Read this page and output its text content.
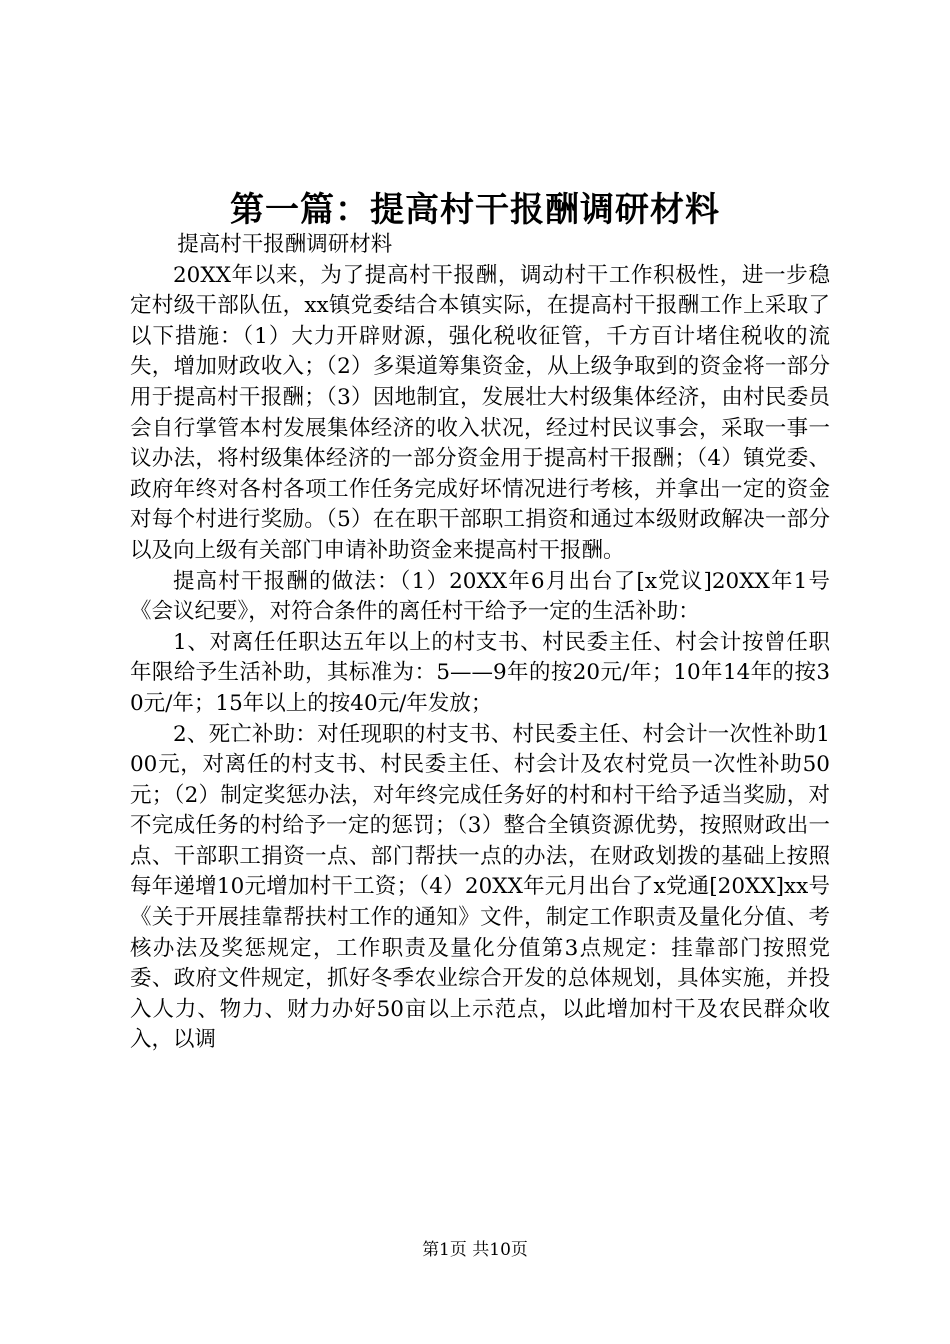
第一篇：提高村干报酬调研材料

提高村干报酬调研材料

20XX年以来，为了提高村干报酬，调动村干工作积极性，进一步稳定村级干部队伍，xx镇党委结合本镇实际，在提高村干报酬工作上采取了以下措施：（1）大力开辟财源，强化税收征管，千方百计堵住税收的流失，增加财政收入；（2）多渠道筹集资金，从上级争取到的资金将一部分用于提高村干报酬；（3）因地制宜，发展壮大村级集体经济，由村民委员会自行掌管本村发展集体经济的收入状况，经过村民议事会，采取一事一议办法，将村级集体经济的一部分资金用于提高村干报酬；（4）镇党委、政府年终对各村各项工作任务完成好坏情况进行考核，并拿出一定的资金对每个村进行奖励。（5）在在职干部职工捐资和通过本级财政解决一部分以及向上级有关部门申请补助资金来提高村干报酬。

提高村干报酬的做法：（1）20XX年6月出台了[x党议]20XX年1号《会议纪要》，对符合条件的离任村干给予一定的生活补助：

1、对离任任职达五年以上的村支书、村民委主任、村会计按曾任职年限给予生活补助，其标准为：5——9年的按20元/年；10年14年的按30元/年；15年以上的按40元/年发放；

2、死亡补助：对任现职的村支书、村民委主任、村会计一次性补助100元，对离任的村支书、村民委主任、村会计及农村党员一次性补助50元；（2）制定奖惩办法，对年终完成任务好的村和村干给予适当奖励，对不完成任务的村给予一定的惩罚；（3）整合全镇资源优势，按照财政出一点、干部职工捐资一点、部门帮扶一点的办法，在财政划拨的基础上按照每年递增10元增加村干工资；（4）20XX年元月出台了x党通[20XX]xx号《关于开展挂靠帮扶村工作的通知》文件，制定工作职责及量化分值、考核办法及奖惩规定，工作职责及量化分值第3点规定：挂靠部门按照党委、政府文件规定，抓好冬季农业综合开发的总体规划，具体实施，并投入人力、物力、财力办好50亩以上示范点，以此增加村干及农民群众收入，以调

第1页 共10页
